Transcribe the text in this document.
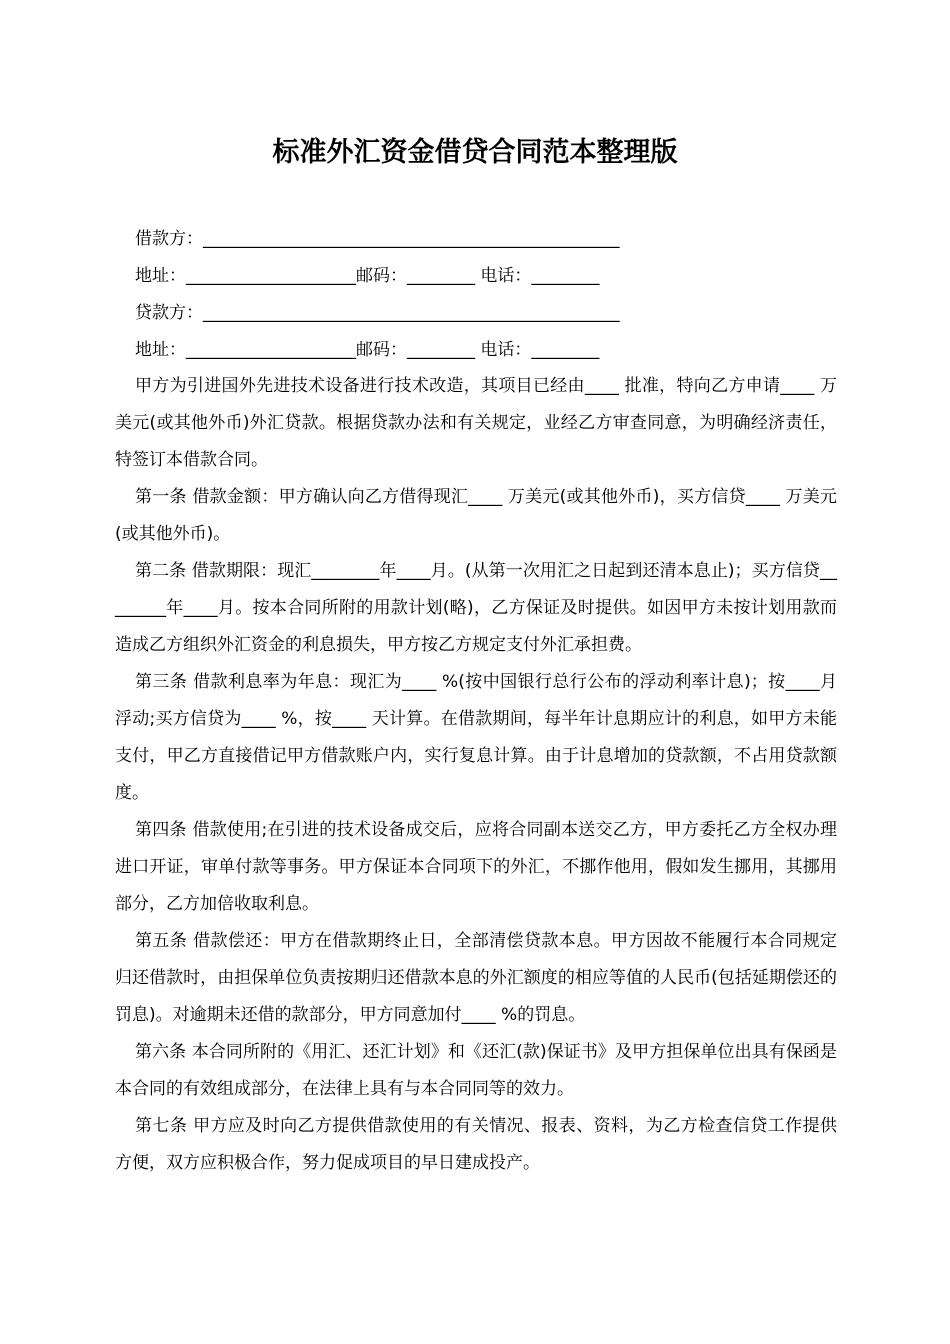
标准外汇资金借贷合同范本整理版
借款方：_________________________________________________
地址：____________________邮码：________ 电话：________
贷款方：_________________________________________________
地址：____________________邮码：________ 电话：________

甲方为引进国外先进技术设备进行技术改造，其项目已经由____ 批准，特向乙方申请____ 万美元(或其他外币)外汇贷款。根据贷款办法和有关规定，业经乙方审查同意，为明确经济责任，特签订本借款合同。

第一条 借款金额：甲方确认向乙方借得现汇____ 万美元(或其他外币)，买方信贷____ 万美元(或其他外币)。

第二条 借款期限：现汇________年____月。(从第一次用汇之日起到还清本息止)；买方信贷________年____月。按本合同所附的用款计划(略)，乙方保证及时提供。如因甲方未按计划用款而造成乙方组织外汇资金的利息损失，甲方按乙方规定支付外汇承担费。

第三条 借款利息率为年息：现汇为____ %(按中国银行总行公布的浮动利率计息)；按____月浮动;买方信贷为____ %，按____ 天计算。在借款期间，每半年计息期应计的利息，如甲方未能支付，甲乙方直接借记甲方借款账户内，实行复息计算。由于计息增加的贷款额，不占用贷款额度。

第四条 借款使用;在引进的技术设备成交后，应将合同副本送交乙方，甲方委托乙方全权办理进口开证，审单付款等事务。甲方保证本合同项下的外汇，不挪作他用，假如发生挪用，其挪用部分，乙方加倍收取利息。

第五条 借款偿还：甲方在借款期终止日，全部清偿贷款本息。甲方因故不能履行本合同规定归还借款时，由担保单位负责按期归还借款本息的外汇额度的相应等值的人民币(包括延期偿还的罚息)。对逾期未还借的款部分，甲方同意加付____ %的罚息。

第六条 本合同所附的《用汇、还汇计划》和《还汇(款)保证书》及甲方担保单位出具有保函是本合同的有效组成部分，在法律上具有与本合同同等的效力。

第七条 甲方应及时向乙方提供借款使用的有关情况、报表、资料，为乙方检查信贷工作提供方便，双方应积极合作，努力促成项目的早日建成投产。
